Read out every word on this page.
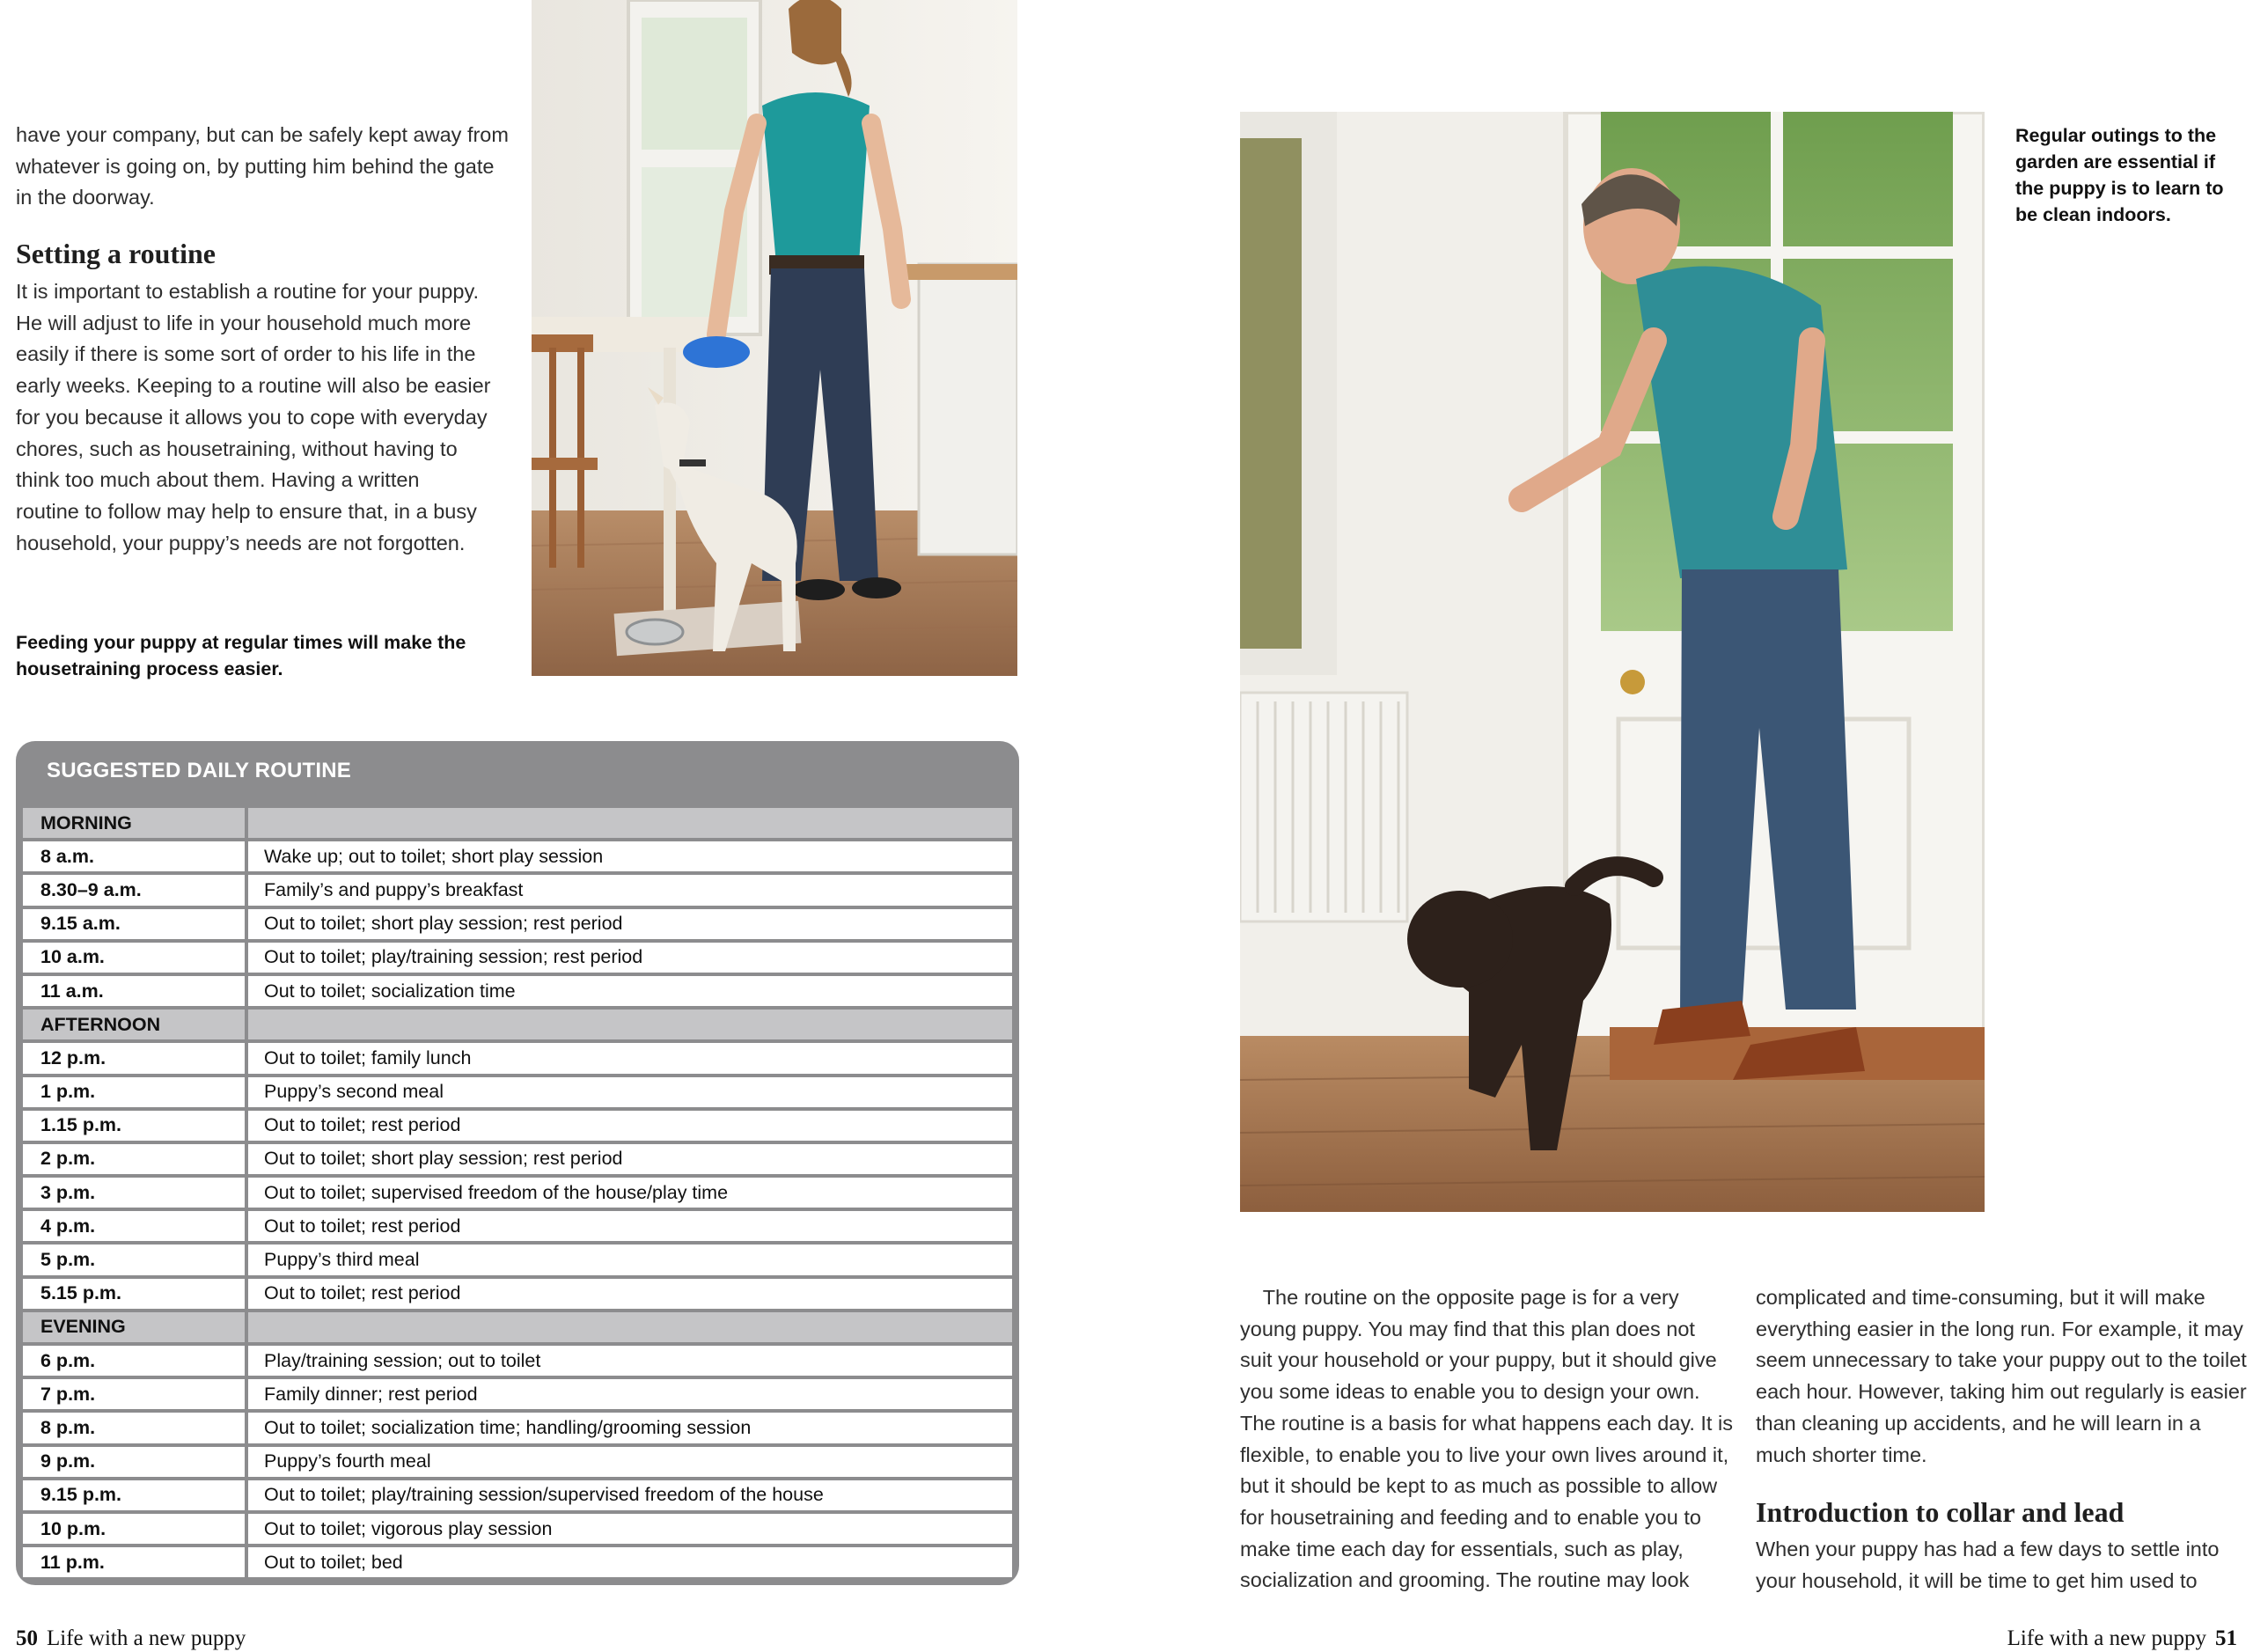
have your company, but can be safely kept away from

whatever is going on, by putting him behind the gate

in the doorway.

Setting a routine

It is important to establish a routine for your puppy.

He will adjust to life in your household much more

easily if there is some sort of order to his life in the

early weeks. Keeping to a routine will also be easier

for you because it allows you to cope with everyday

chores, such as housetraining, without having to

think too much about them. Having a written

routine to follow may help to ensure that, in a busy

household, your puppy’s needs are not forgotten.

Feeding your puppy at regular times will make the

housetraining process easier.

SUGGESTED DAILY ROUTINE
MORNING	
8 a.m.	Wake up; out to toilet; short play session
8.30–9 a.m.	Family’s and puppy’s breakfast
9.15 a.m.	Out to toilet; short play session; rest period
10 a.m.	Out to toilet; play/training session; rest period
11 a.m.	Out to toilet; socialization time
AFTERNOON	
12 p.m.	Out to toilet; family lunch
1 p.m.	Puppy’s second meal
1.15 p.m.	Out to toilet; rest period
2 p.m.	Out to toilet; short play session; rest period
3 p.m.	Out to toilet; supervised freedom of the house/play time
4 p.m.	Out to toilet; rest period
5 p.m.	Puppy’s third meal
5.15 p.m.	Out to toilet; rest period
EVENING	
6 p.m.	Play/training session; out to toilet
7 p.m.	Family dinner; rest period
8 p.m.	Out to toilet; socialization time; handling/grooming session
9 p.m.	Puppy’s fourth meal
9.15 p.m.	Out to toilet; play/training session/supervised freedom of the house
10 p.m.	Out to toilet; vigorous play session
11 p.m.	Out to toilet; bed
50 Life with a new puppy

Regular outings to the

garden are essential if

the puppy is to learn to

be clean indoors.

The routine on the opposite page is for a very

young puppy. You may find that this plan does not

suit your household or your puppy, but it should give

you some ideas to enable you to design your own.

The routine is a basis for what happens each day. It is

flexible, to enable you to live your own lives around it,

but it should be kept to as much as possible to allow

for housetraining and feeding and to enable you to

make time each day for essentials, such as play,

socialization and grooming. The routine may look

complicated and time-consuming, but it will make

everything easier in the long run. For example, it may

seem unnecessary to take your puppy out to the toilet

each hour. However, taking him out regularly is easier

than cleaning up accidents, and he will learn in a

much shorter time.

Introduction to collar and lead

When your puppy has had a few days to settle into

your household, it will be time to get him used to

Life with a new puppy 51
